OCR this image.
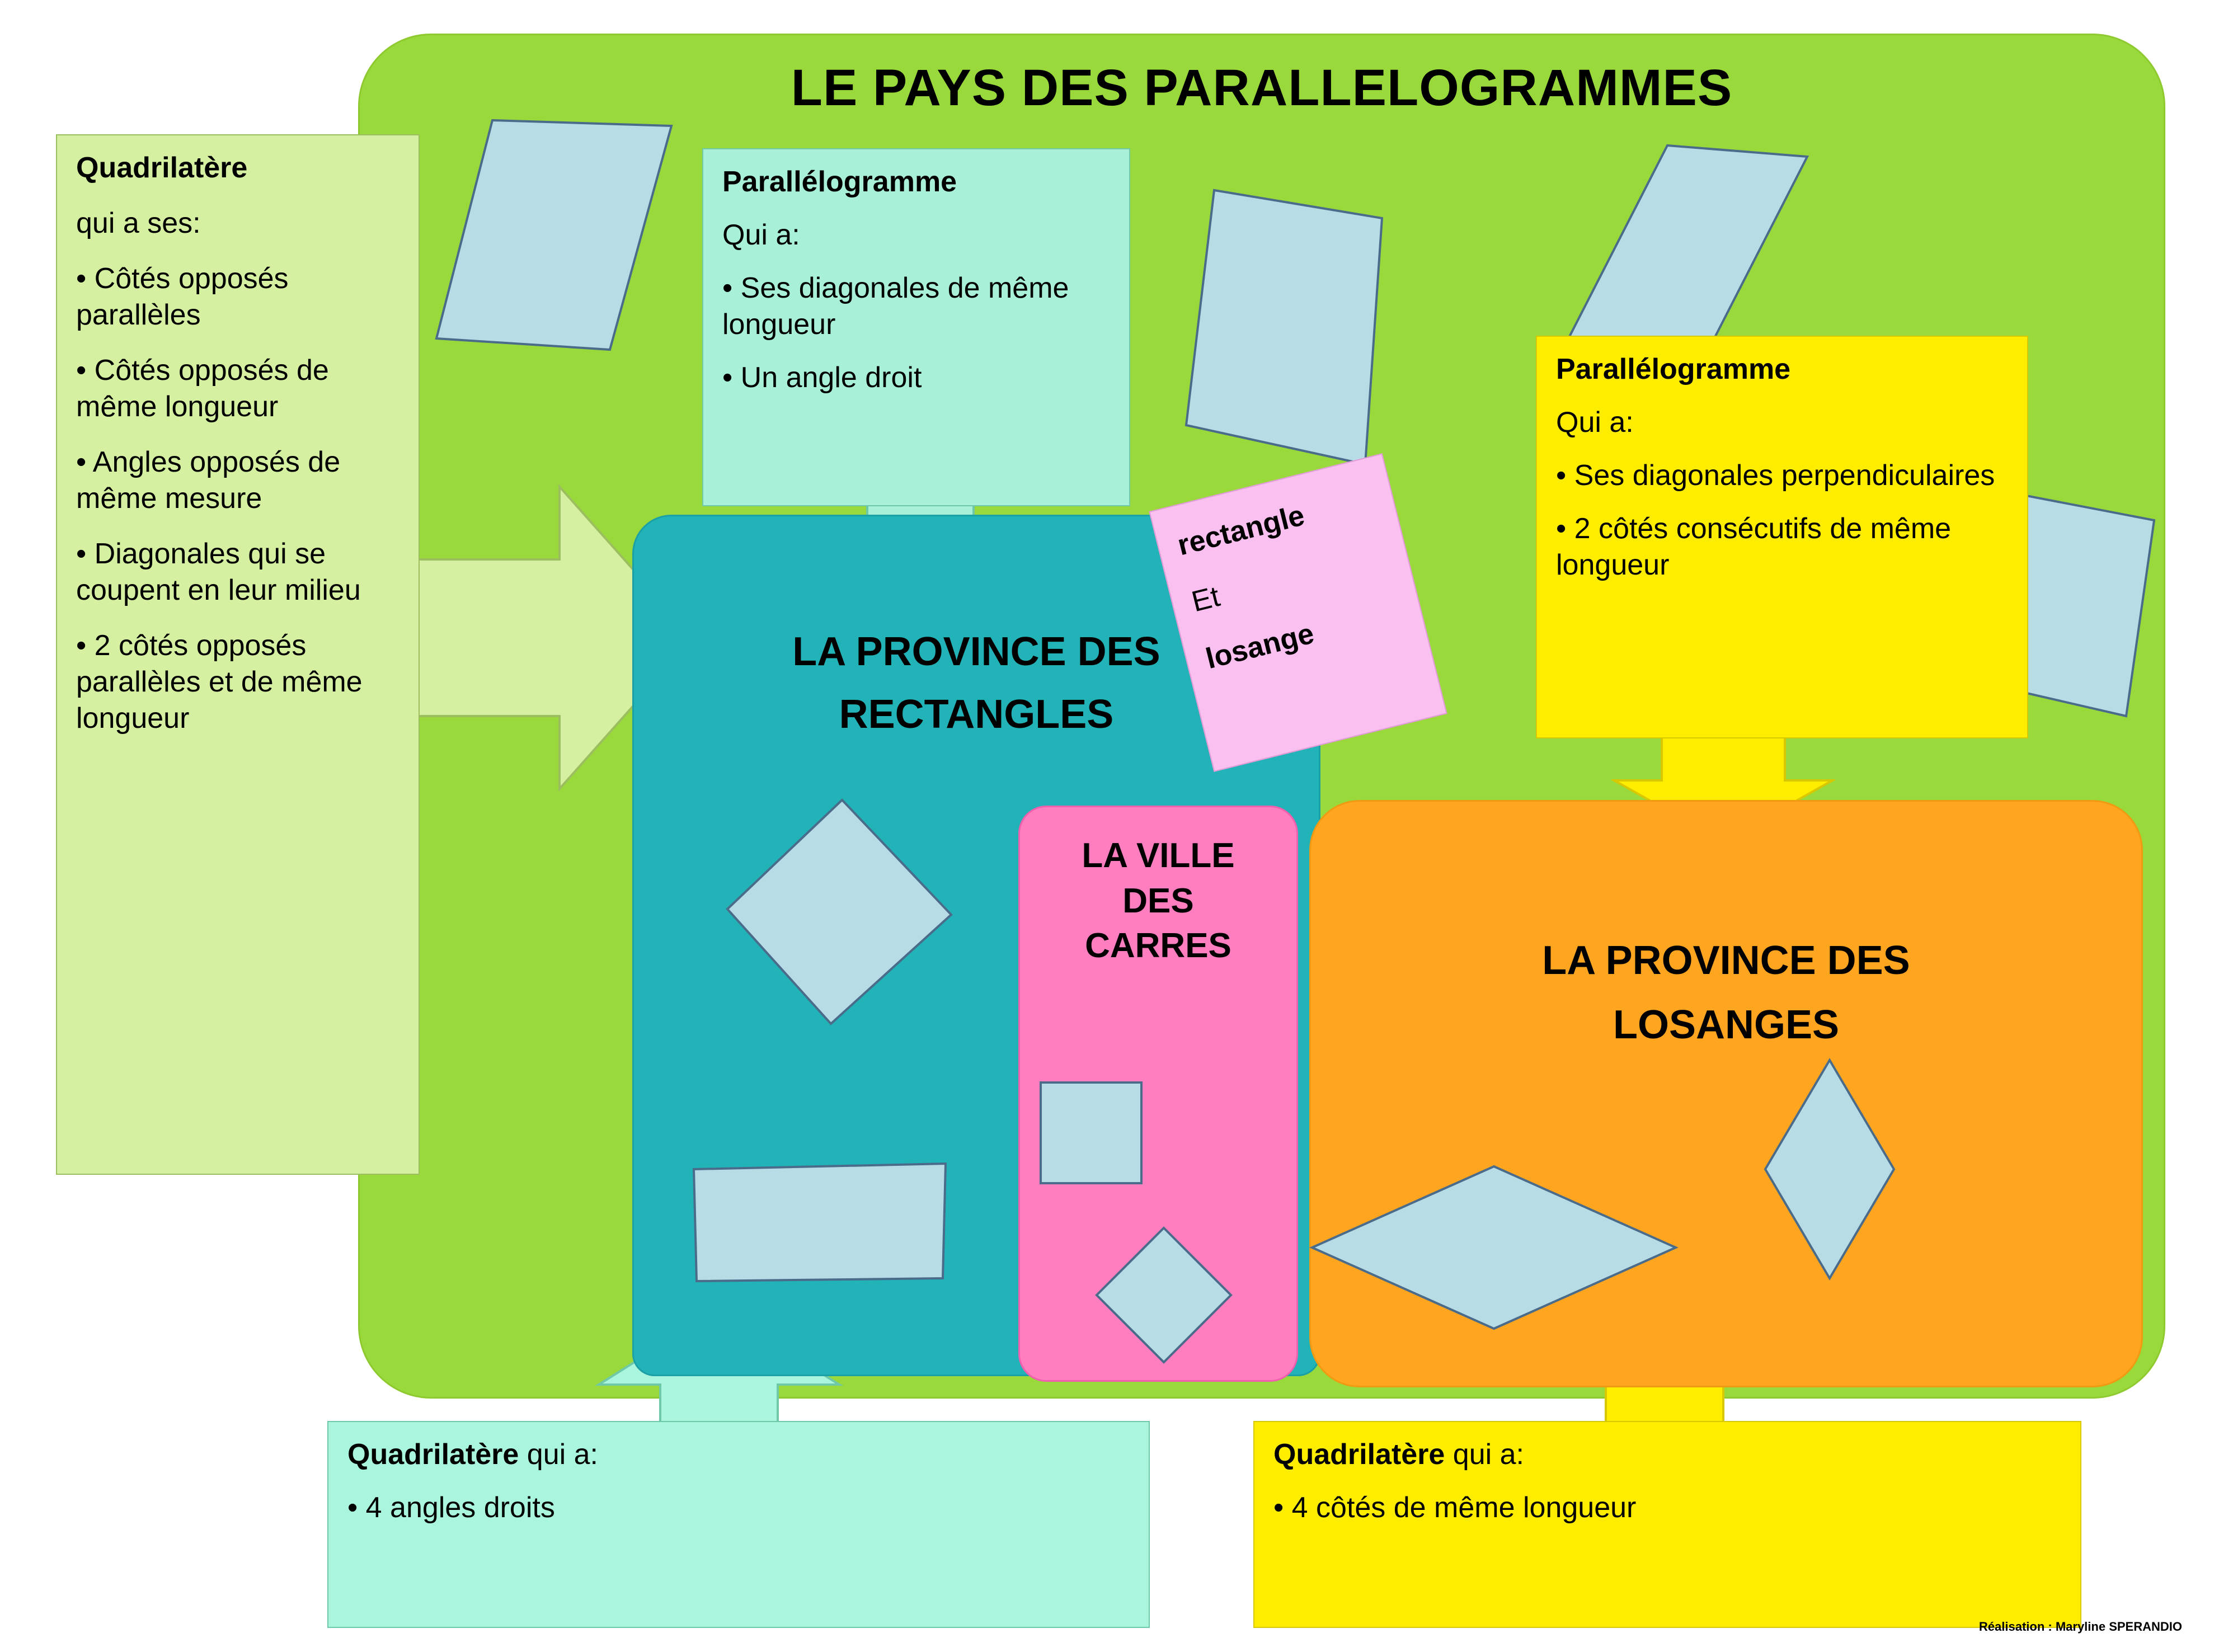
LE PAYS DES PARALLELOGRAMMES
LA PROVINCE DES
RECTANGLES
LA PROVINCE DES
LOSANGES
LA VILLE
DES
CARRES

Quadrilatère

qui a ses:

• Côtés opposés parallèles

• Côtés opposés de même longueur

• Angles opposés de même mesure

• Diagonales qui se coupent en leur milieu

• 2 côtés opposés parallèles et de même longueur

Parallélogramme

Qui a:

• Ses diagonales de même longueur

• Un angle droit	Parallélogramme

Qui a:

• Ses diagonales perpendiculaires

• 2 côtés consécutifs de même longueur

Quadrilatère qui a:

• 4 angles droits

Quadrilatère qui a:

• 4 côtés de même longueur

rectangle

Et

losange

Réalisation : Maryline SPERANDIO
